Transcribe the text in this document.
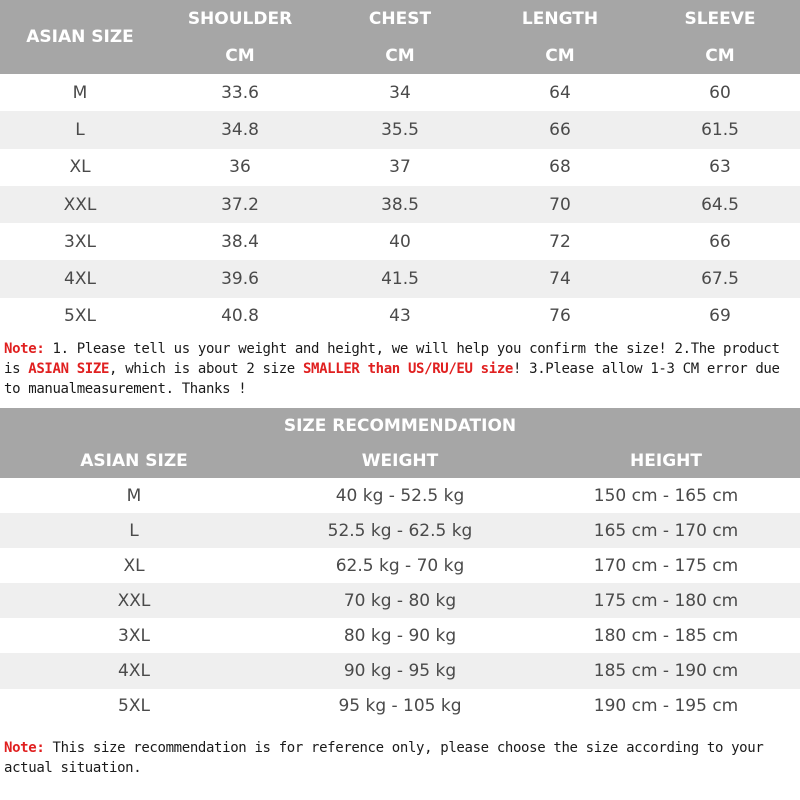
ASIAN SIZE	SHOULDER	CHEST	LENGTH	SLEEVE
	CM	CM	CM	CM
M	33.6	34	64	60
L	34.8	35.5	66	61.5
XL	36	37	68	63
XXL	37.2	38.5	70	64.5
3XL	38.4	40	72	66
4XL	39.6	41.5	74	67.5
5XL	40.8	43	76	69
Note: 1. Please tell us your weight and height, we will help you confirm the size! 2.The product is ASIAN SIZE, which is about 2 size SMALLER than US/RU/EU size! 3.Please allow 1-3 CM error due to manualmeasurement. Thanks !
SIZE RECOMMENDATION		
ASIAN SIZE	WEIGHT	HEIGHT
M	40 kg - 52.5 kg	150 cm - 165 cm
L	52.5 kg - 62.5 kg	165 cm - 170 cm
XL	62.5 kg - 70 kg	170 cm - 175 cm
XXL	70 kg - 80 kg	175 cm - 180 cm
3XL	80 kg - 90 kg	180 cm - 185 cm
4XL	90 kg - 95 kg	185 cm - 190 cm
5XL	95 kg - 105 kg	190 cm - 195 cm
Note: This size recommendation is for reference only, please choose the size according to your actual situation.
